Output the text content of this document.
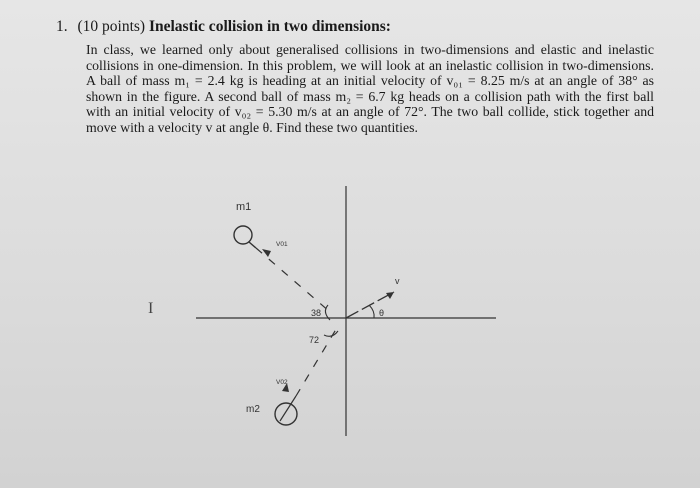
1. (10 points) Inelastic collision in two dimensions:

In class, we learned only about generalised collisions in two-dimensions and elastic and inelastic collisions in one-dimension. In this problem, we will look at an inelastic collision in two-dimensions. A ball of mass m₁ = 2.4 kg is heading at an initial velocity of v₀₁ = 8.25 m/s at an angle of 38° as shown in the figure. A second ball of mass m₂ = 6.7 kg heads on a collision path with the first ball with an initial velocity of v₀₂ = 5.30 m/s at an angle of 72°. The two ball collide, stick together and move with a velocity v at angle θ. Find these two quantities.

m1
V01
m2
V02
38
72
v
θ
I
